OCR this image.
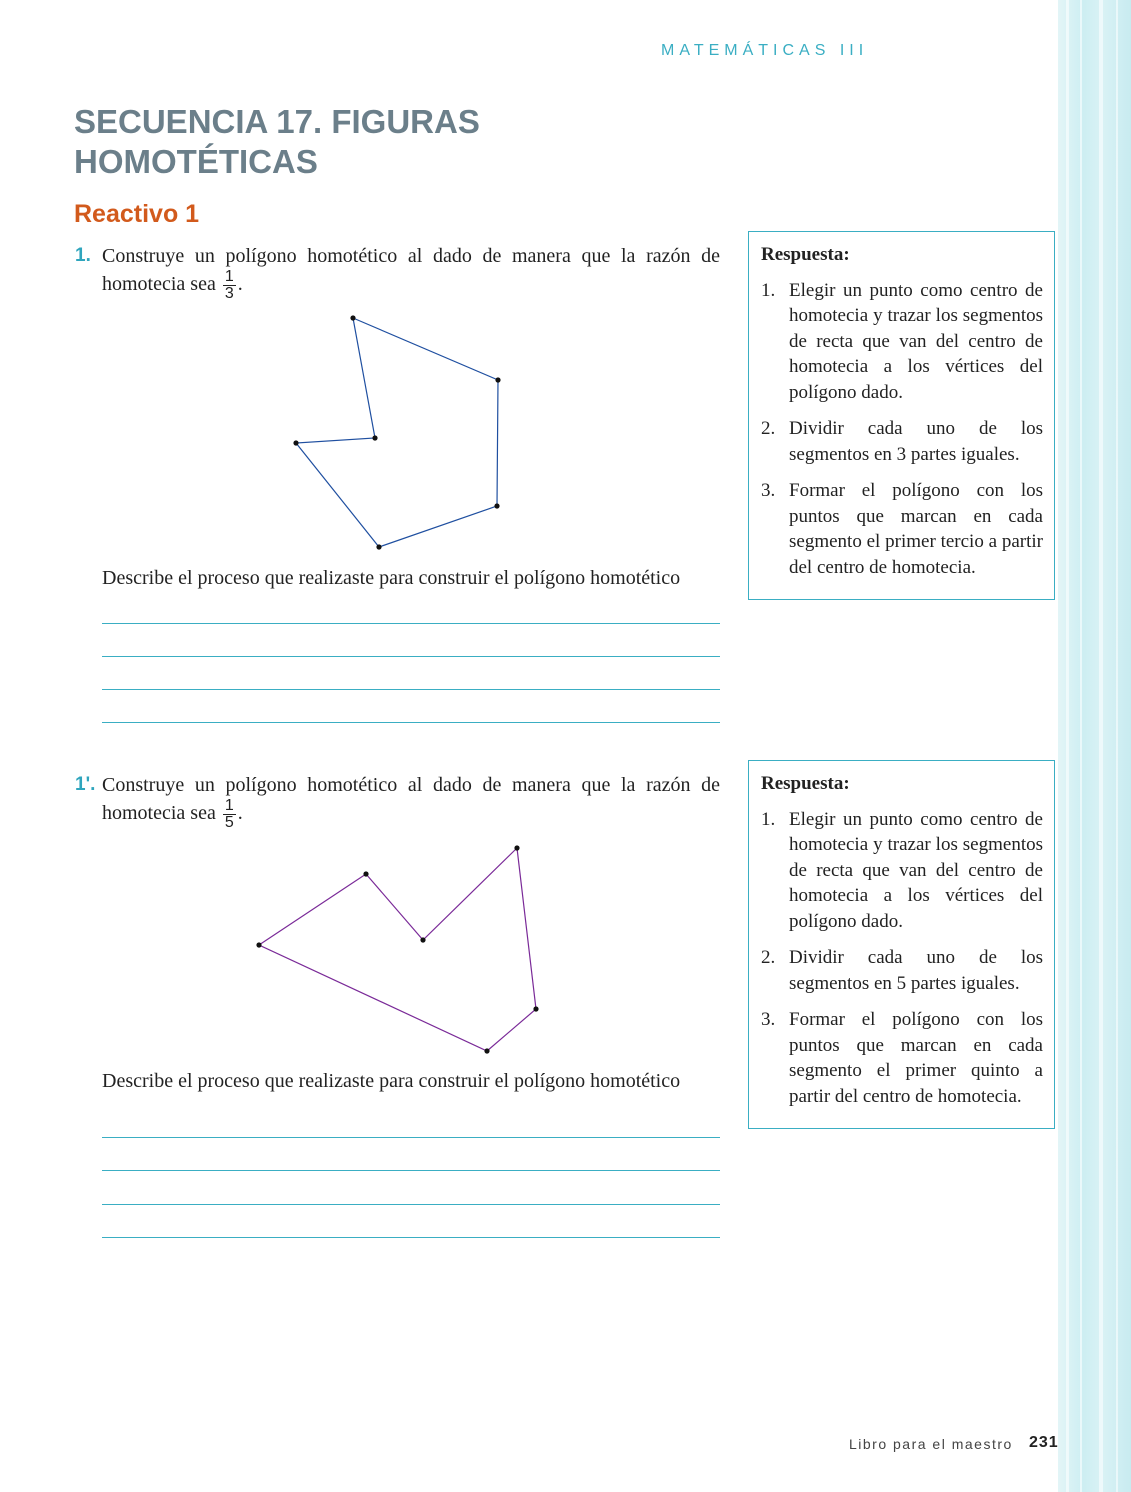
MATEMÁTICAS III
SECUENCIA 17. FIGURAS
HOMOTÉTICAS
Reactivo 1
1. Construye un polígono homotético al dado de manera que la razón de homotecia sea $\frac{1}{3}$ .
Describe el proceso que realizaste para construir el polígono homotético
Respuesta:
1. Elegir un punto como centro de homotecia y trazar los segmentos de recta que van del centro de homotecia a los vértices del polígono dado.
2. Dividir cada uno de los segmentos en 3 partes iguales.
3. Formar el polígono con los puntos que marcan en cada segmento el primer tercio a partir del centro de homotecia.
1'. Construye un polígono homotético al dado de manera que la razón de homotecia sea $\frac{1}{5}$ .
Describe el proceso que realizaste para construir el polígono homotético
Respuesta:
1. Elegir un punto como centro de homotecia y trazar los segmentos de recta que van del centro de homotecia a los vértices del polígono dado.
2. Dividir cada uno de los segmentos en 5 partes iguales.
3. Formar el polígono con los puntos que marcan en cada segmento el primer quinto a partir del centro de homotecia.
Libro para el maestro 231
